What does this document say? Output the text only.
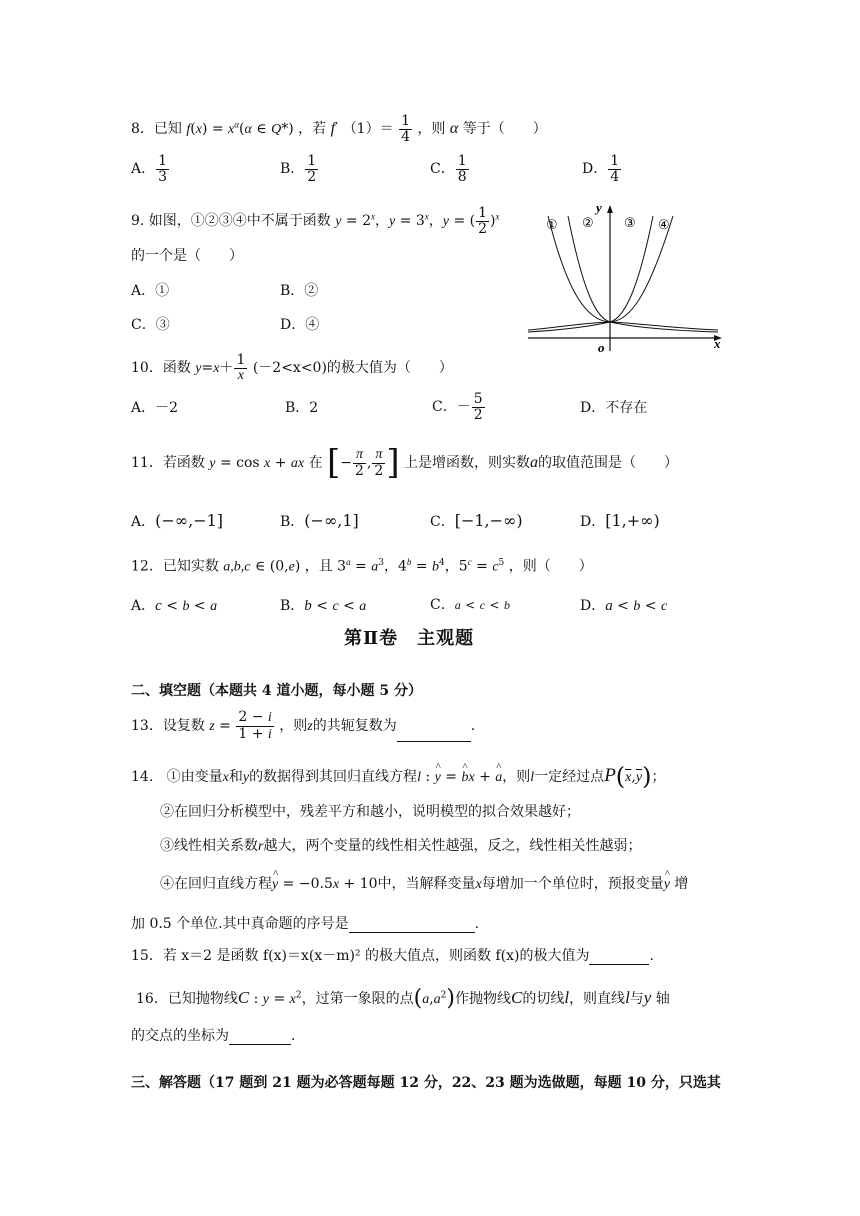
8．已知 $f(x) = x^\alpha(\alpha$ ∈ Q*) ，若 f′ $(1)= \frac{1}{4}$ ，则 α 等于（　　）
A． $\frac{1}{3}$	B． $\frac{1}{2}$	C． $\frac{1}{8}$	D． $\frac{1}{4}$
9. 如图，①②③④中不属于函数 $y = 2^x$，$y = 3^x$，y = ( $\frac{1}{2} )^x$
的一个是（　　）
A．①	B．②
C．③	D．④
y
x
o
① ② ③ ④
10．函数 $y=x+ \frac{1}{x} (-2<x<0)$的极大值为（　　）
A．－2	B．2	C．－ $\frac{5}{2}$	D．不存在
11．若函数 y = cos x + ax 在 [− $\frac{\pi}{2}$ , $\frac{\pi}{2}$ ] 上是增函数，则实数a的取值范围是（　　）
A．(−∞,−1]	B．(−∞,1]	C．[−1,−∞)	D．[1,+∞)
12．已知实数 a,b,c ∈ (0,e) ，且 $3^a = a^3$，$4^b = b^4$，$5^c = c^5$ ，则（　　）
A．c < b < a	B．b < c < a	C．a < c < b	D．a < b < c
第Ⅱ卷　主观题
二、填空题（本题共 4 道小题，每小题 5 分）
13．设复数 $z = \frac{2 - i}{1 + i}$ ，则z的共轭复数为	.
14. ①由变量x和y的数据得到其回归直线方程l : ^ y = ^ bx + ^ a，则l一定经过点$P(\overline{x},\overline{y})$；
②在回归分析模型中，残差平方和越小，说明模型的拟合效果越好；
③线性相关系数r越大，两个变量的线性相关性越强，反之，线性相关性越弱；
④在回归直线方程^ y = −0.5x + 10中，当解释变量x每增加一个单位时，预报变量^ y 增
加 0.5 个单位.其中真命题的序号是	.
15．若 x＝2 是函数 f(x)＝x(x－m)² 的极大值点，则函数 f(x)的极大值为	.
16．已知抛物线C : $y = x^2$，过第一象限的点$(a,a^2)$作抛物线C的切线l，则直线l与y 轴
的交点的坐标为	.
三、解答题（17 题到 21 题为必答题每题 12 分，22、23 题为选做题，每题 10 分，只选其
